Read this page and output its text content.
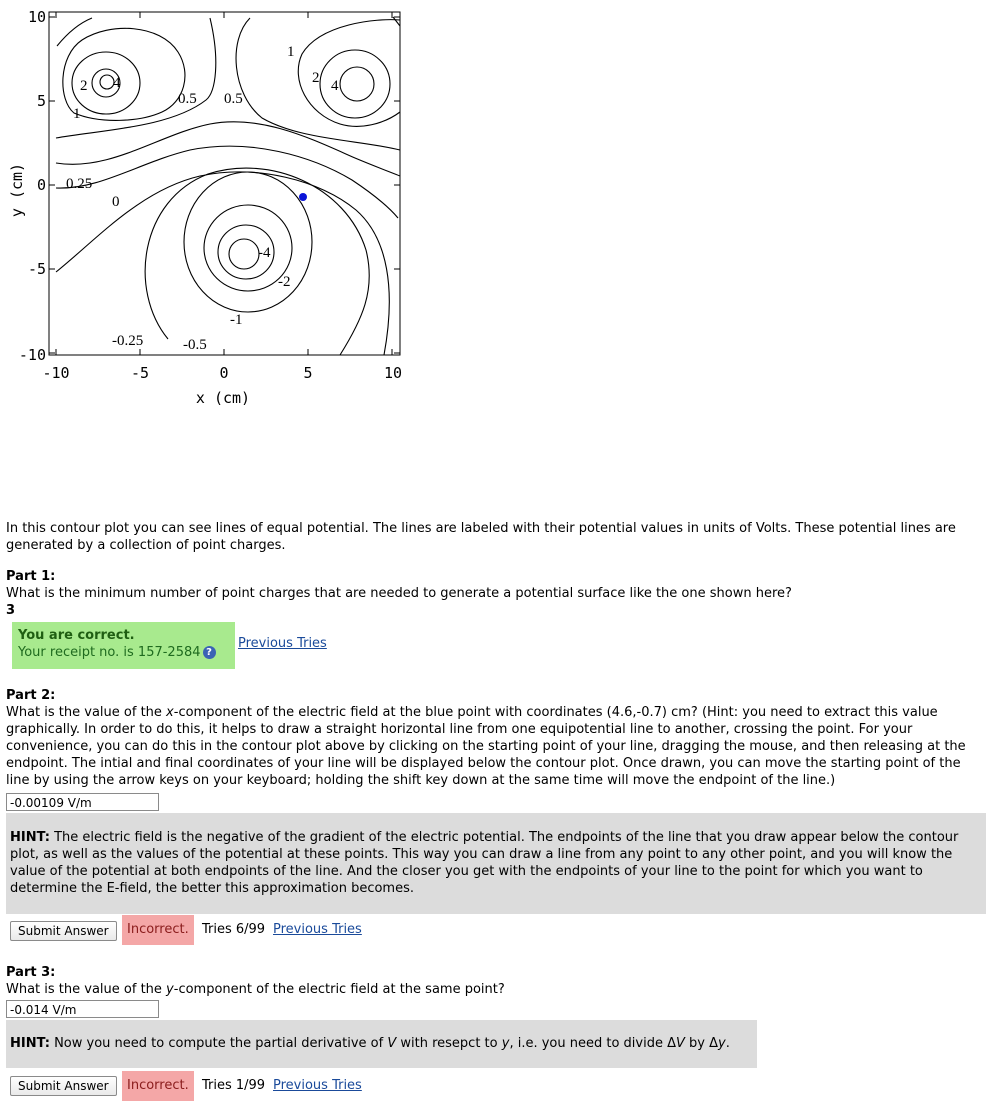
2 4
1
0.5 0.5
1
2 4
0.25
0
-4
-2
-1
-0.25	-0.5
-10	-5	0	5	10
10
5
0
-5
-10
x (cm)
y (cm)
In this contour plot you can see lines of equal potential. The lines are labeled with their potential values in units of Volts. These potential lines are generated by a collection of point charges.
Part 1:
What is the minimum number of point charges that are needed to generate a potential surface like the one shown here?
3
You are correct.
Your receipt no. is 157-2584 ?
Previous Tries
Part 2:
What is the value of the x-component of the electric field at the blue point with coordinates (4.6,-0.7) cm? (Hint: you need to extract this value graphically. In order to do this, it helps to draw a straight horizontal line from one equipotential line to another, crossing the point. For your convenience, you can do this in the contour plot above by clicking on the starting point of your line, dragging the mouse, and then releasing at the endpoint. The intial and final coordinates of your line will be displayed below the contour plot. Once drawn, you can move the starting point of the line by using the arrow keys on your keyboard; holding the shift key down at the same time will move the endpoint of the line.)
-0.00109 V/m
HINT: The electric field is the negative of the gradient of the electric potential. The endpoints of the line that you draw appear below the contour plot, as well as the values of the potential at these points. This way you can draw a line from any point to any other point, and you will know the value of the potential at both endpoints of the line. And the closer you get with the endpoints of your line to the point for which you want to determine the E-field, the better this approximation becomes.
Submit Answer	Incorrect.	Tries 6/99 Previous Tries
Part 3:
What is the value of the y-component of the electric field at the same point?
-0.014 V/m
HINT: Now you need to compute the partial derivative of V with resepct to y, i.e. you need to divide ΔV by Δy.
Submit Answer	Incorrect.	Tries 1/99 Previous Tries
